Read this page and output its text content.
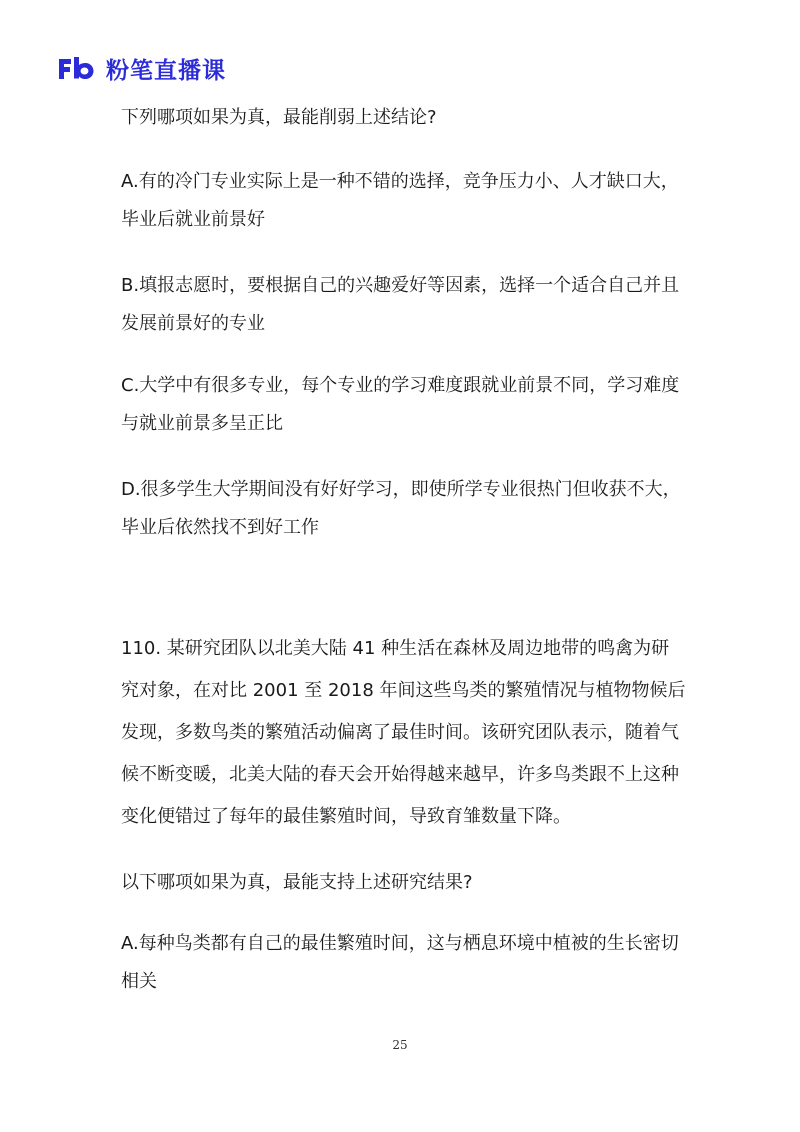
粉笔直播课
下列哪项如果为真，最能削弱上述结论?
A.有的冷门专业实际上是一种不错的选择，竞争压力小、人才缺口大，
毕业后就业前景好
B.填报志愿时，要根据自己的兴趣爱好等因素，选择一个适合自己并且
发展前景好的专业
C.大学中有很多专业，每个专业的学习难度跟就业前景不同，学习难度
与就业前景多呈正比
D.很多学生大学期间没有好好学习，即使所学专业很热门但收获不大，
毕业后依然找不到好工作
110. 某研究团队以北美大陆 41 种生活在森林及周边地带的鸣禽为研
究对象，在对比 2001 至 2018 年间这些鸟类的繁殖情况与植物物候后
发现，多数鸟类的繁殖活动偏离了最佳时间。该研究团队表示，随着气
候不断变暖，北美大陆的春天会开始得越来越早，许多鸟类跟不上这种
变化便错过了每年的最佳繁殖时间，导致育雏数量下降。
以下哪项如果为真，最能支持上述研究结果?
A.每种鸟类都有自己的最佳繁殖时间，这与栖息环境中植被的生长密切
相关
25
